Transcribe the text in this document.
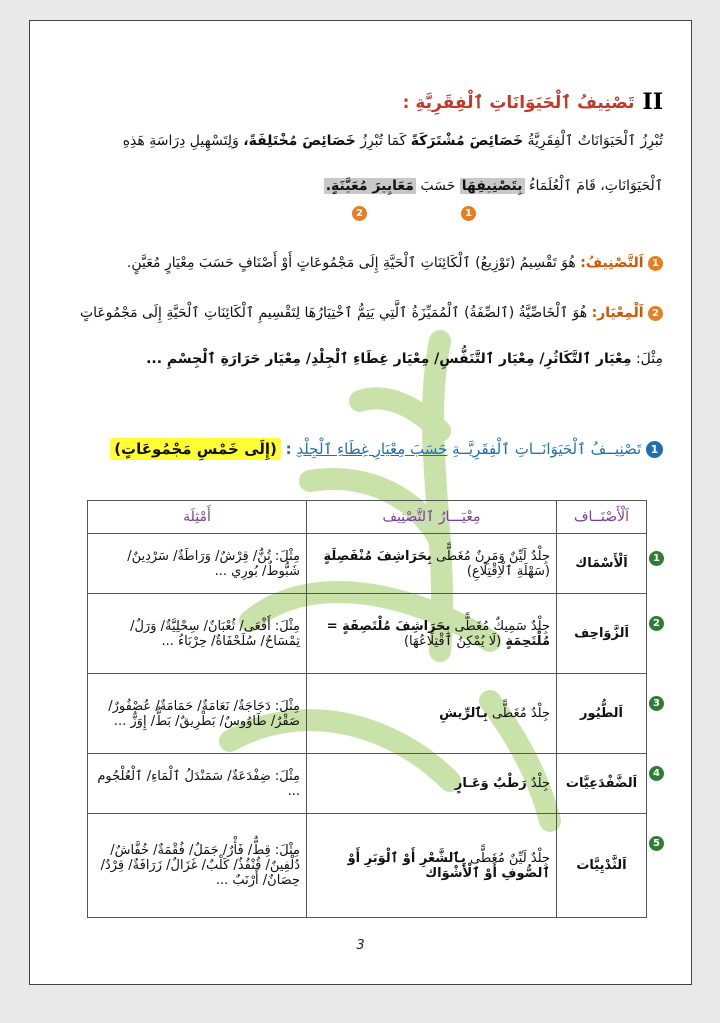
II
تَصْنِيفُ ٱلْحَيَوَانَاتِ ٱلْفِقَرِيَّةِ :
تُبْرِزُ ٱلْحَيَوَانَاتُ ٱلْفِقَرِيَّةُ خَصَائِصَ مُشْتَرَكَةً كَمَا تُبْرِزُ خَصَائِصَ مُخْتَلِفَةً، وَلِتَسْهِيلِ دِرَاسَةِ هَذِهِ
ٱلْحَيَوَانَاتِ، قَامَ ٱلْعُلَمَاءُ بِتَصْنِيفِهَا حَسَبَ مَعَايِيرَ مُعَيَّنَةٍ.
1
2
1 اَلتَّصْنِيفُ: هُوَ تَقْسِيمُ (تَوْزِيعُ) ٱلْكَائِنَاتِ ٱلْحَيَّةِ إِلَى مَجْمُوعَاتٍ أَوْ أَصْنَافٍ حَسَبَ مِعْيَارٍ مُعَيَّنٍ.
2 اَلْمِعْيَار: هُوَ ٱلْخَاصِّيَّةُ (ٱلصِّفَةُ) ٱلْمُمَيِّزَةُ ٱلَّتِي يَتِمُّ ٱخْتِيَارُهَا لِتَقْسِيمِ ٱلْكَائِنَاتِ ٱلْحَيَّةِ إِلَى مَجْمُوعَاتٍ
مِثْلَ: مِعْيَار ٱلتَّكَاثُرِ/ مِعْيَار ٱلتَّنَفُّسِ/ مِعْيَار غِطَاءِ ٱلْجِلْدِ/ مِعْيَار حَرَارَةِ ٱلْجِسْمِ ...
1 تَصْنِيــفُ ٱلْحَيَوَانَــاتِ ٱلْفِقَرِيَّــةِ حَسَبَ مِعْيَارِ غِطَاءِ ٱلْجِلْدِ : (إِلَى خَمْسِ مَجْمُوعَاتٍ)
اَلْأَصْنَــاف	مِعْيَـــارُ ٱلتَّصْنِيف	أَمْثِلَة
اَلْأَسْمَاك	جِلْدٌ لَيِّنٌ وَمَرِنٌ مُغَطًّى بِحَرَاشِفَ مُنْفَصِلَةٍ (سَهْلَةِ ٱلْاِقْتِلَاعِ)	مِثْلَ: تُنٌّ/ قِرْشٌ/ وَرَاطَةٌ/ سَرْدِينٌ/ شَبُّوطٌ/ بُورِي ...
اَلزَّوَاحِف	جِلْدٌ سَمِيكٌ مُغَطًّى بِحَرَاشِفَ مُلْتَصِقَةٍ = مُلْتَحِمَةٍ (لَا يُمْكِنُ ٱقْتِلَاعُهَا)	مِثْلَ: أَفْعَى/ ثُعْبَانٌ/ سِحْلِيَّةٌ/ وَرَلٌ/ تِمْسَاحٌ/ سُلَحْفَاةٌ/ حِرْبَاءُ ...
اَلطُّيُور	جِلْدٌ مُغَطًّى بِٱلرِّيشِ	مِثْلَ: دَجَاجَةٌ/ نَعَامَةٌ/ حَمَامَةٌ/ عُصْفُورٌ/ صَقْرٌ/ طَاوُوسٌ/ بَطْرِيقٌ/ بَطٌّ/ إِوَزٌّ ...
اَلضَّفْدَعِيَّات	جِلْدٌ رَطْبٌ وَعَـارٍ	مِثْلَ: ضِفْدَعَةٌ/ سَمَنْدَلُ ٱلْمَاءِ/ ٱلْعُلْجُوم ...
اَلثَّدْيِيَّات	جِلْدٌ لَيِّنٌ مُغَطًّى بِٱلشَّعْرِ أَوْ ٱلْوَبَرِ أَوْ ٱلصُّوفِ أَوْ ٱلْأَشْوَاك	مِثْلَ: قِطٌّ/ فَأْرٌ/ جَمَلٌ/ فُقْمَةٌ/ خُفَّاشٌ/ دُلْفِينٌ/ قُنْفُذٌ/ كَلْبٌ/ غَزَالٌ/ زَرَافَةٌ/ قِرْدٌ/ حِصَانٌ/ أَرْنَبٌ ...
1
2
3
4
5
3
